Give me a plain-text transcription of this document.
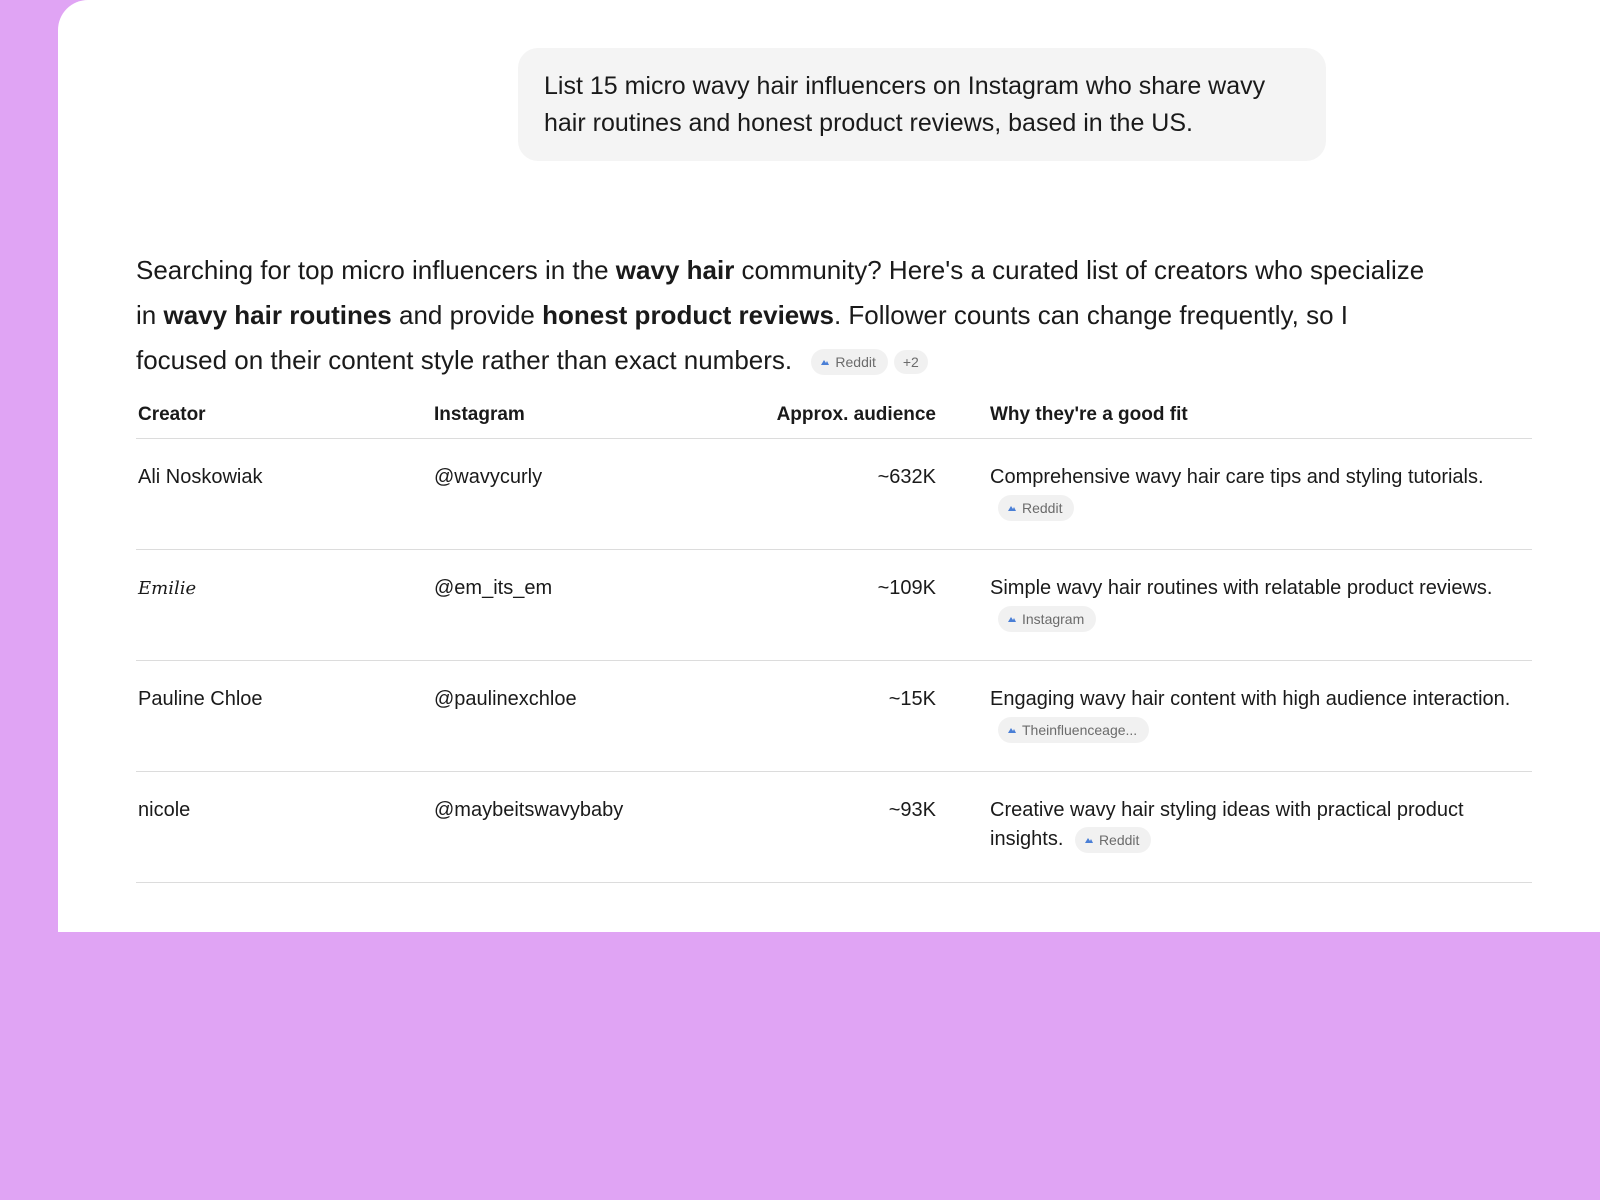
List 15 micro wavy hair influencers on Instagram who share wavy hair routines and honest product reviews, based in the US.
Searching for top micro influencers in the wavy hair community? Here's a curated list of creators who specialize in wavy hair routines and provide honest product reviews. Follower counts can change frequently, so I focused on their content style rather than exact numbers.	Reddit +2
Creator	Instagram	Approx. audience	Why they're a good fit
Ali Noskowiak	@wavycurly	~632K	Comprehensive wavy hair care tips and styling tutorials.

Reddit
Emilie	@em_its_em	~109K	Simple wavy hair routines with relatable product reviews.

Instagram
Pauline Chloe	@paulinexchloe	~15K	Engaging wavy hair content with high audience interaction.

Theinfluenceage...
nicole	@maybeitswavybaby	~93K	Creative wavy hair styling ideas with practical product insights.	Reddit
